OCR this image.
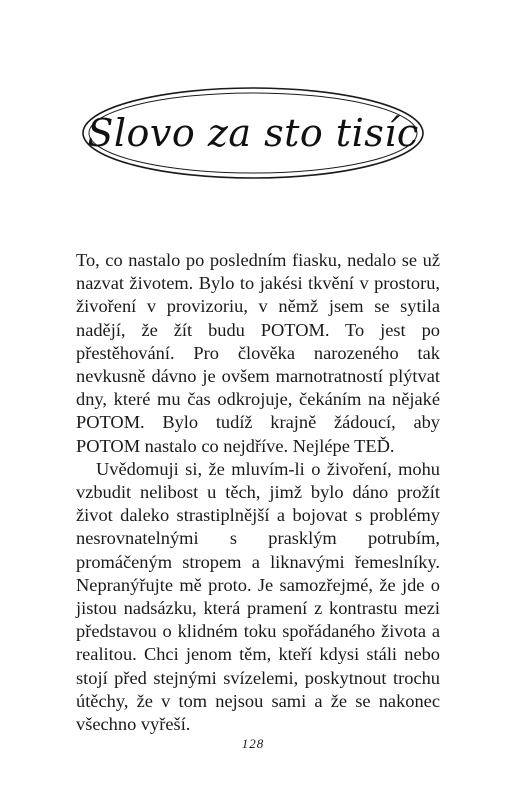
Slovo za sto tisíc

To, co nastalo po posledním fiasku, nedalo se už nazvat životem. Bylo to jakési tkvění v prostoru, živoření v provizoriu, v němž jsem se sytila nadějí, že žít budu POTOM. To jest po přestěhování. Pro člověka narozeného tak nevkusně dávno je ovšem marnotratností plýtvat dny, které mu čas odkrojuje, čekáním na nějaké POTOM. Bylo tudíž krajně žádoucí, aby POTOM nastalo co nejdříve. Nejlépe TEĎ.

Uvědomuji si, že mluvím-li o živoření, mohu vzbudit nelibost u těch, jimž bylo dáno prožít život daleko strastiplnější a bojovat s problémy nesrovnatelnými s prasklým potrubím, promáčeným stropem a liknavými řemeslníky. Nepranýřujte mě proto. Je samozřejmé, že jde o jistou nadsázku, která pramení z kontrastu mezi představou o klidném toku spořádaného života a realitou. Chci jenom těm, kteří kdysi stáli nebo stojí před stejnými svízelemi, poskytnout trochu útěchy, že v tom nejsou sami a že se nakonec všechno vyřeší.

128
